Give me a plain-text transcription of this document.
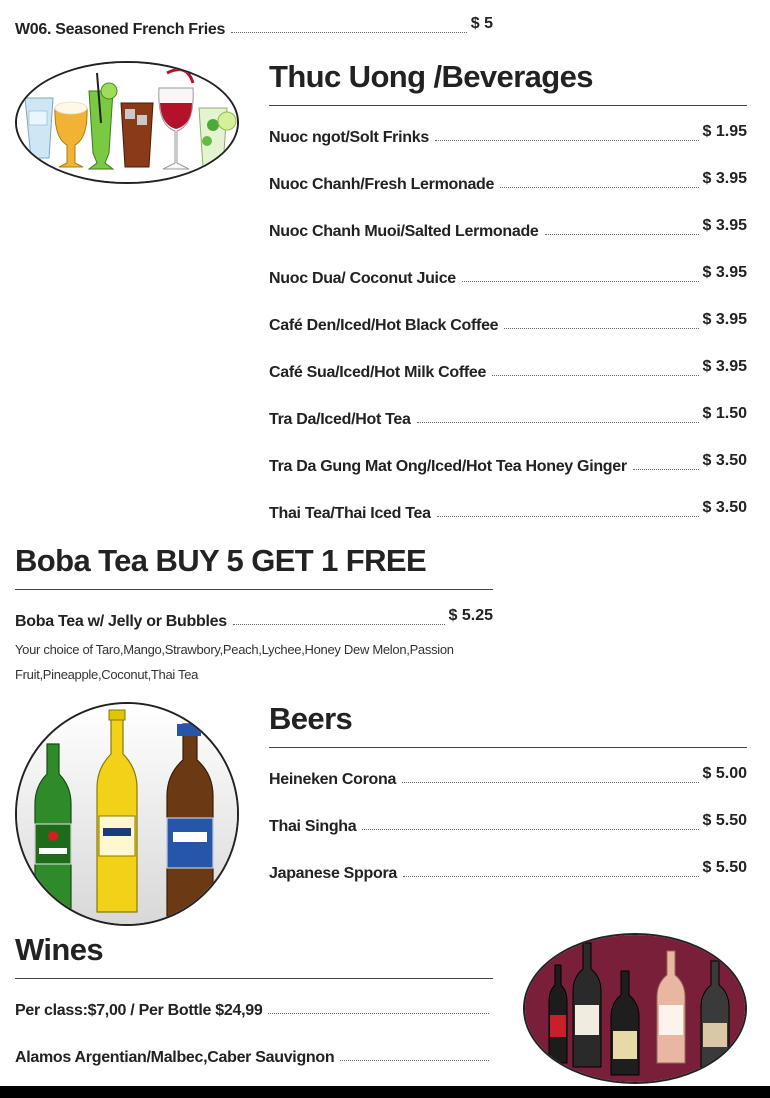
W06. Seasoned French Fries	$ 5
Thuc Uong /Beverages
Nuoc ngot/Solt Frinks	$ 1.95
Nuoc Chanh/Fresh Lermonade	$ 3.95
Nuoc Chanh Muoi/Salted Lermonade	$ 3.95
Nuoc Dua/ Coconut Juice	$ 3.95
Café Den/Iced/Hot Black Coffee	$ 3.95
Café Sua/Iced/Hot Milk Coffee	$ 3.95
Tra Da/Iced/Hot Tea	$ 1.50
Tra Da Gung Mat Ong/Iced/Hot Tea Honey Ginger	$ 3.50
Thai Tea/Thai Iced Tea	$ 3.50
Boba Tea BUY 5 GET 1 FREE
Boba Tea w/ Jelly or Bubbles	$ 5.25
Your choice of Taro,Mango,Strawbory,Peach,Lychee,Honey Dew Melon,Passion Fruit,Pineapple,Coconut,Thai Tea
Beers
Heineken Corona	$ 5.00
Thai Singha	$ 5.50
Japanese Sppora	$ 5.50
Wines
Per class:$7,00 / Per Bottle $24,99
Alamos Argentian/Malbec,Caber Sauvignon
